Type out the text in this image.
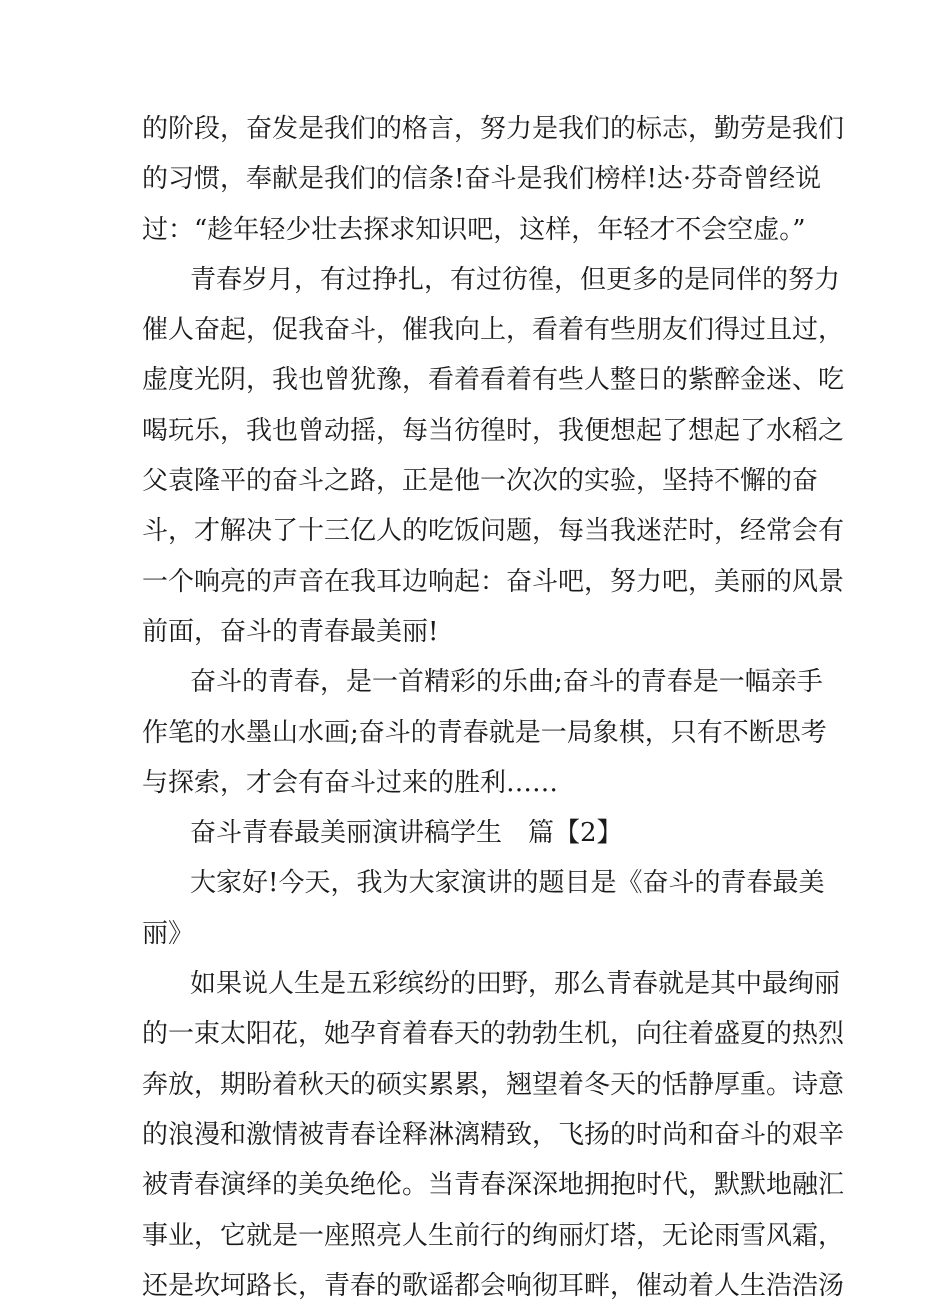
的阶段，奋发是我们的格言，努力是我们的标志，勤劳是我们
的习惯，奉献是我们的信条!奋斗是我们榜样!达·芬奇曾经说
过：“趁年轻少壮去探求知识吧，这样，年轻才不会空虚。”
青春岁月，有过挣扎，有过彷徨，但更多的是同伴的努力
催人奋起，促我奋斗，催我向上，看着有些朋友们得过且过，
虚度光阴，我也曾犹豫，看着看着有些人整日的紫醉金迷、吃
喝玩乐，我也曾动摇，每当彷徨时，我便想起了想起了水稻之
父袁隆平的奋斗之路，正是他一次次的实验，坚持不懈的奋
斗，才解决了十三亿人的吃饭问题，每当我迷茫时，经常会有
一个响亮的声音在我耳边响起：奋斗吧，努力吧，美丽的风景
前面，奋斗的青春最美丽!
奋斗的青春，是一首精彩的乐曲;奋斗的青春是一幅亲手
作笔的水墨山水画;奋斗的青春就是一局象棋，只有不断思考
与探索，才会有奋斗过来的胜利……
奋斗青春最美丽演讲稿学生　篇【2】
大家好!今天，我为大家演讲的题目是《奋斗的青春最美
丽》
如果说人生是五彩缤纷的田野，那么青春就是其中最绚丽
的一束太阳花，她孕育着春天的勃勃生机，向往着盛夏的热烈
奔放，期盼着秋天的硕实累累，翘望着冬天的恬静厚重。诗意
的浪漫和激情被青春诠释淋漓精致，飞扬的时尚和奋斗的艰辛
被青春演绎的美奂绝伦。当青春深深地拥抱时代，默默地融汇
事业，它就是一座照亮人生前行的绚丽灯塔，无论雨雪风霜，
还是坎坷路长，青春的歌谣都会响彻耳畔，催动着人生浩浩汤
